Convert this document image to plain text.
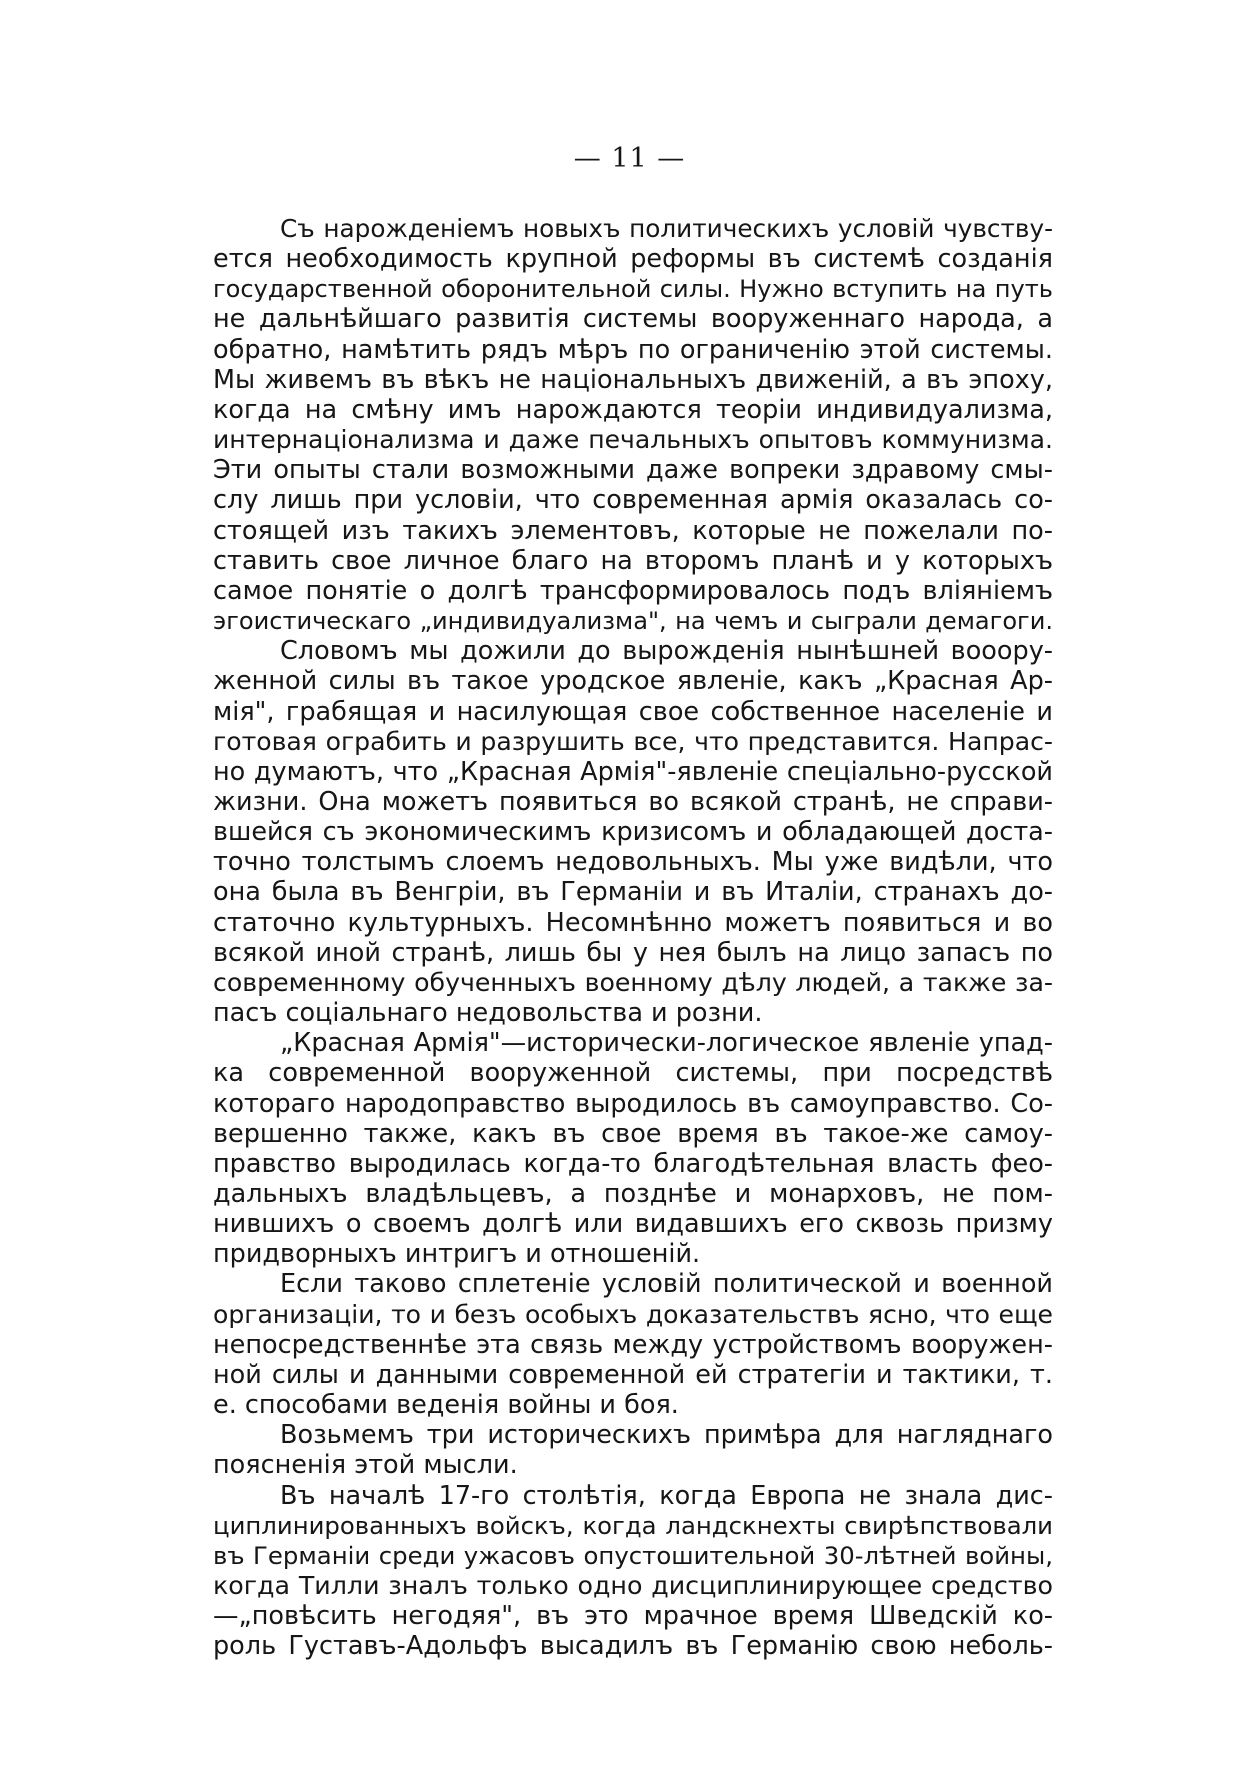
— 11 —
Съ нарожденіемъ новыхъ политическихъ условій чувству-
ется необходимость крупной реформы въ системѣ созданія
государственной оборонительной силы. Нужно вступить на путь
не дальнѣйшаго развитія системы вооруженнаго народа, а
обратно, намѣтить рядъ мѣръ по ограниченію этой системы.
Мы живемъ въ вѣкъ не національныхъ движеній, а въ эпоху,
когда на смѣну имъ нарождаются теоріи индивидуализма,
интернаціонализма и даже печальныхъ опытовъ коммунизма.
Эти опыты стали возможными даже вопреки здравому смы-
слу лишь при условіи, что современная армія оказалась со-
стоящей изъ такихъ элементовъ, которые не пожелали по-
ставить свое личное благо на второмъ планѣ и у которыхъ
самое понятіе о долгѣ трансформировалось подъ вліяніемъ
эгоистическаго „индивидуализма", на чемъ и сыграли демагоги.
Словомъ мы дожили до вырожденія нынѣшней вооору-
женной силы въ такое уродское явленіе, какъ „Красная Ар-
мія", грабящая и насилующая свое собственное населеніе и
готовая ограбить и разрушить все, что представится. Напрас-
но думаютъ, что „Красная Армія"-явленіе спеціально-русской
жизни. Она можетъ появиться во всякой странѣ, не справи-
вшейся съ экономическимъ кризисомъ и обладающей доста-
точно толстымъ слоемъ недовольныхъ. Мы уже видѣли, что
она была въ Венгріи, въ Германіи и въ Италіи, странахъ до-
статочно культурныхъ. Несомнѣнно можетъ появиться и во
всякой иной странѣ, лишь бы у нея былъ на лицо запасъ по
современному обученныхъ военному дѣлу людей, а также за-
пасъ соціальнаго недовольства и розни.
„Красная Армія"—исторически-логическое явленіе упад-
ка современной вооруженной системы, при посредствѣ
котораго народоправство выродилось въ самоуправство. Со-
вершенно также, какъ въ свое время въ такое-же самоу-
правство выродилась когда-то благодѣтельная власть фео-
дальныхъ владѣльцевъ, а позднѣе и монарховъ, не пом-
нившихъ о своемъ долгѣ или видавшихъ его сквозь призму
придворныхъ интригъ и отношеній.
Если таково сплетеніе условій политической и военной
организаціи, то и безъ особыхъ доказательствъ ясно, что еще
непосредственнѣе эта связь между устройствомъ вооружен-
ной силы и данными современной ей стратегіи и тактики, т.
е. способами веденія войны и боя.
Возьмемъ три историческихъ примѣра для нагляднаго
поясненія этой мысли.
Въ началѣ 17-го столѣтія, когда Европа не знала дис-
циплинированныхъ войскъ, когда ландскнехты свирѣпствовали
въ Германіи среди ужасовъ опустошительной 30-лѣтней войны,
когда Тилли зналъ только одно дисциплинирующее средство
—„повѣсить негодяя", въ это мрачное время Шведскій ко-
роль Густавъ-Адольфъ высадилъ въ Германію свою неболь-
